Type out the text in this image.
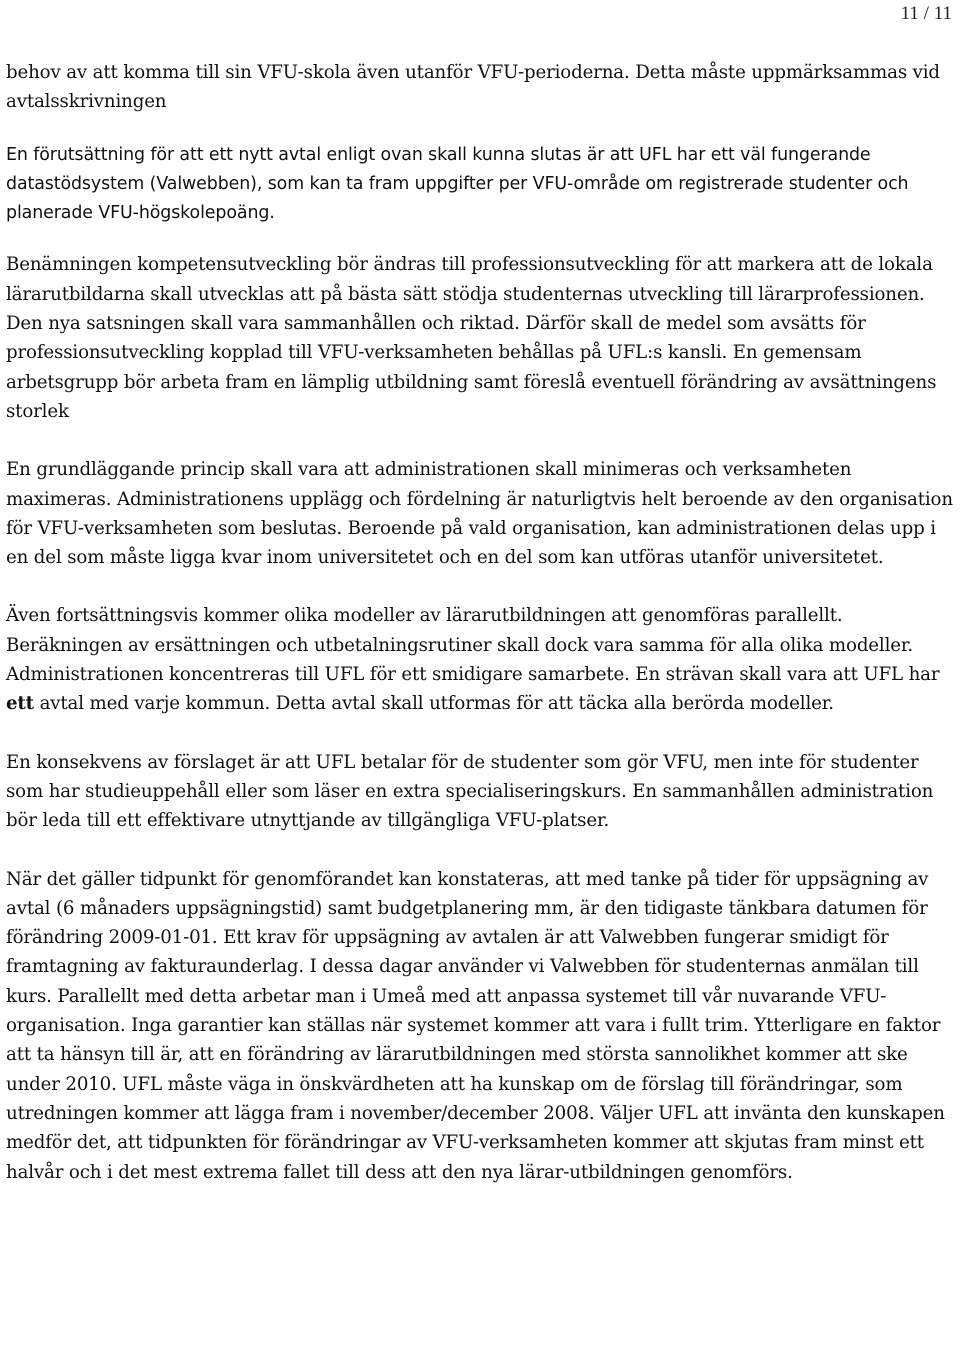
11 / 11

behov av att komma till sin VFU-skola även utanför VFU-perioderna. Detta måste uppmärksammas vid avtalsskrivningen

En förutsättning för att ett nytt avtal enligt ovan skall kunna slutas är att UFL har ett väl fungerande datastödsystem (Valwebben), som kan ta fram uppgifter per VFU-område om registrerade studenter och planerade VFU-högskolepoäng.

Benämningen kompetensutveckling bör ändras till professionsutveckling för att markera att de lokala lärarutbildarna skall utvecklas att på bästa sätt stödja studenternas utveckling till lärarprofessionen. Den nya satsningen skall vara sammanhållen och riktad. Därför skall de medel som avsätts för professionsutveckling kopplad till VFU-verksamheten behållas på UFL:s kansli. En gemensam arbetsgrupp bör arbeta fram en lämplig utbildning samt föreslå eventuell förändring av avsättningens storlek

En grundläggande princip skall vara att administrationen skall minimeras och verksamheten maximeras. Administrationens upplägg och fördelning är naturligtvis helt beroende av den organisation för VFU-verksamheten som beslutas. Beroende på vald organisation, kan administrationen delas upp i en del som måste ligga kvar inom universitetet och en del som kan utföras utanför universitetet.

Även fortsättningsvis kommer olika modeller av lärarutbildningen att genomföras parallellt. Beräkningen av ersättningen och utbetalningsrutiner skall dock vara samma för alla olika modeller. Administrationen koncentreras till UFL för ett smidigare samarbete. En strävan skall vara att UFL har ett avtal med varje kommun. Detta avtal skall utformas för att täcka alla berörda modeller.

En konsekvens av förslaget är att UFL betalar för de studenter som gör VFU, men inte för studenter som har studieuppehåll eller som läser en extra specialiseringskurs. En sammanhållen administration bör leda till ett effektivare utnyttjande av tillgängliga VFU-platser.

När det gäller tidpunkt för genomförandet kan konstateras, att med tanke på tider för uppsägning av avtal (6 månaders uppsägningstid) samt budgetplanering mm, är den tidigaste tänkbara datumen för förändring 2009-01-01. Ett krav för uppsägning av avtalen är att Valwebben fungerar smidigt för framtagning av fakturaunderlag. I dessa dagar använder vi Valwebben för studenternas anmälan till kurs. Parallellt med detta arbetar man i Umeå med att anpassa systemet till vår nuvarande VFU-organisation. Inga garantier kan ställas när systemet kommer att vara i fullt trim. Ytterligare en faktor att ta hänsyn till är, att en förändring av lärarutbildningen med största sannolikhet kommer att ske under 2010. UFL måste väga in önskvärdheten att ha kunskap om de förslag till förändringar, som utredningen kommer att lägga fram i november/december 2008. Väljer UFL att invänta den kunskapen medför det, att tidpunkten för förändringar av VFU-verksamheten kommer att skjutas fram minst ett halvår och i det mest extrema fallet till dess att den nya lärar-utbildningen genomförs.
